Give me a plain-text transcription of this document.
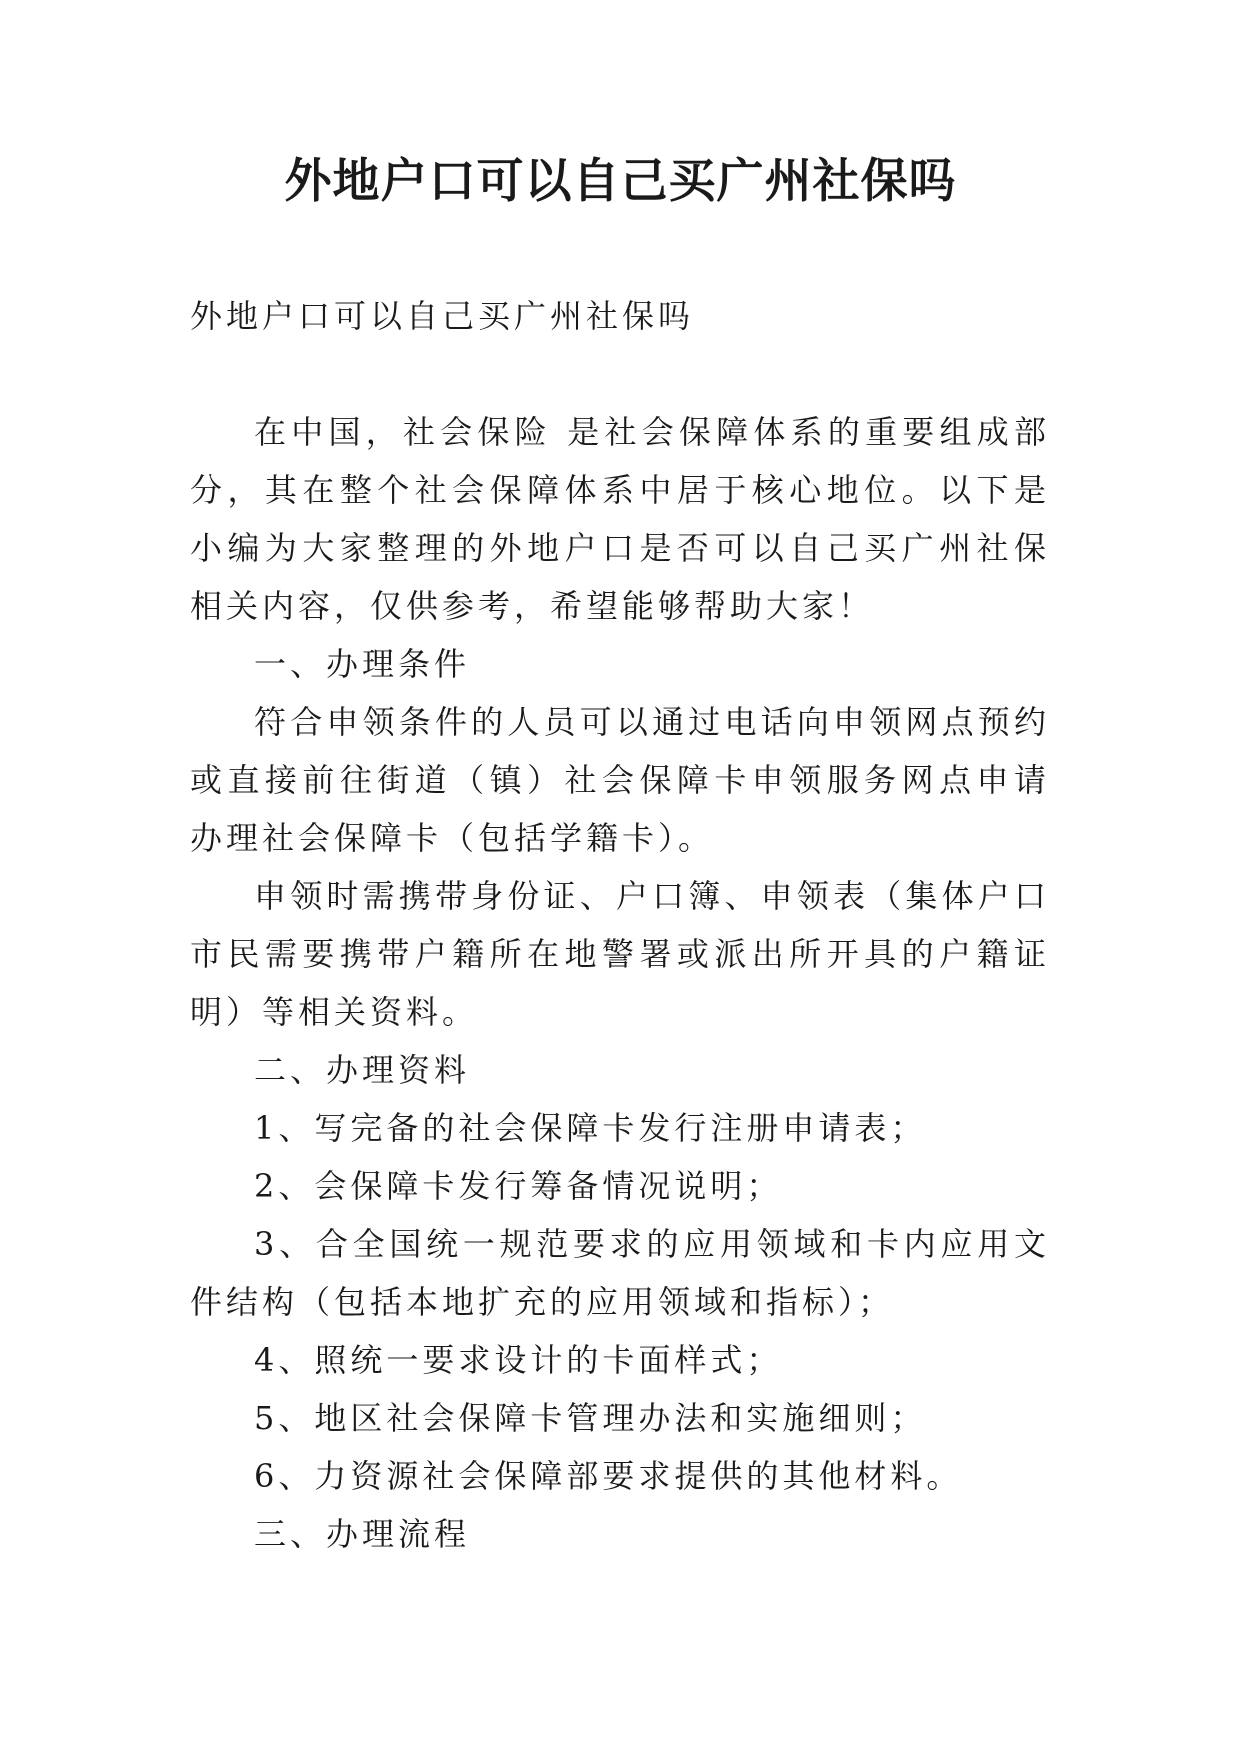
外地户口可以自己买广州社保吗

外地户口可以自己买广州社保吗

在中国，社会保险 是社会保障体系的重要组成部分，其在整个社会保障体系中居于核心地位。以下是小编为大家整理的外地户口是否可以自己买广州社保相关内容，仅供参考，希望能够帮助大家！

一、办理条件

符合申领条件的人员可以通过电话向申领网点预约或直接前往街道（镇）社会保障卡申领服务网点申请办理社会保障卡（包括学籍卡）。

申领时需携带身份证、户口簿、申领表（集体户口市民需要携带户籍所在地警署或派出所开具的户籍证明）等相关资料。

二、办理资料

1、写完备的社会保障卡发行注册申请表；

2、会保障卡发行筹备情况说明；

3、合全国统一规范要求的应用领域和卡内应用文件结构（包括本地扩充的应用领域和指标）；

4、照统一要求设计的卡面样式；

5、地区社会保障卡管理办法和实施细则；

6、力资源社会保障部要求提供的其他材料。

三、办理流程
